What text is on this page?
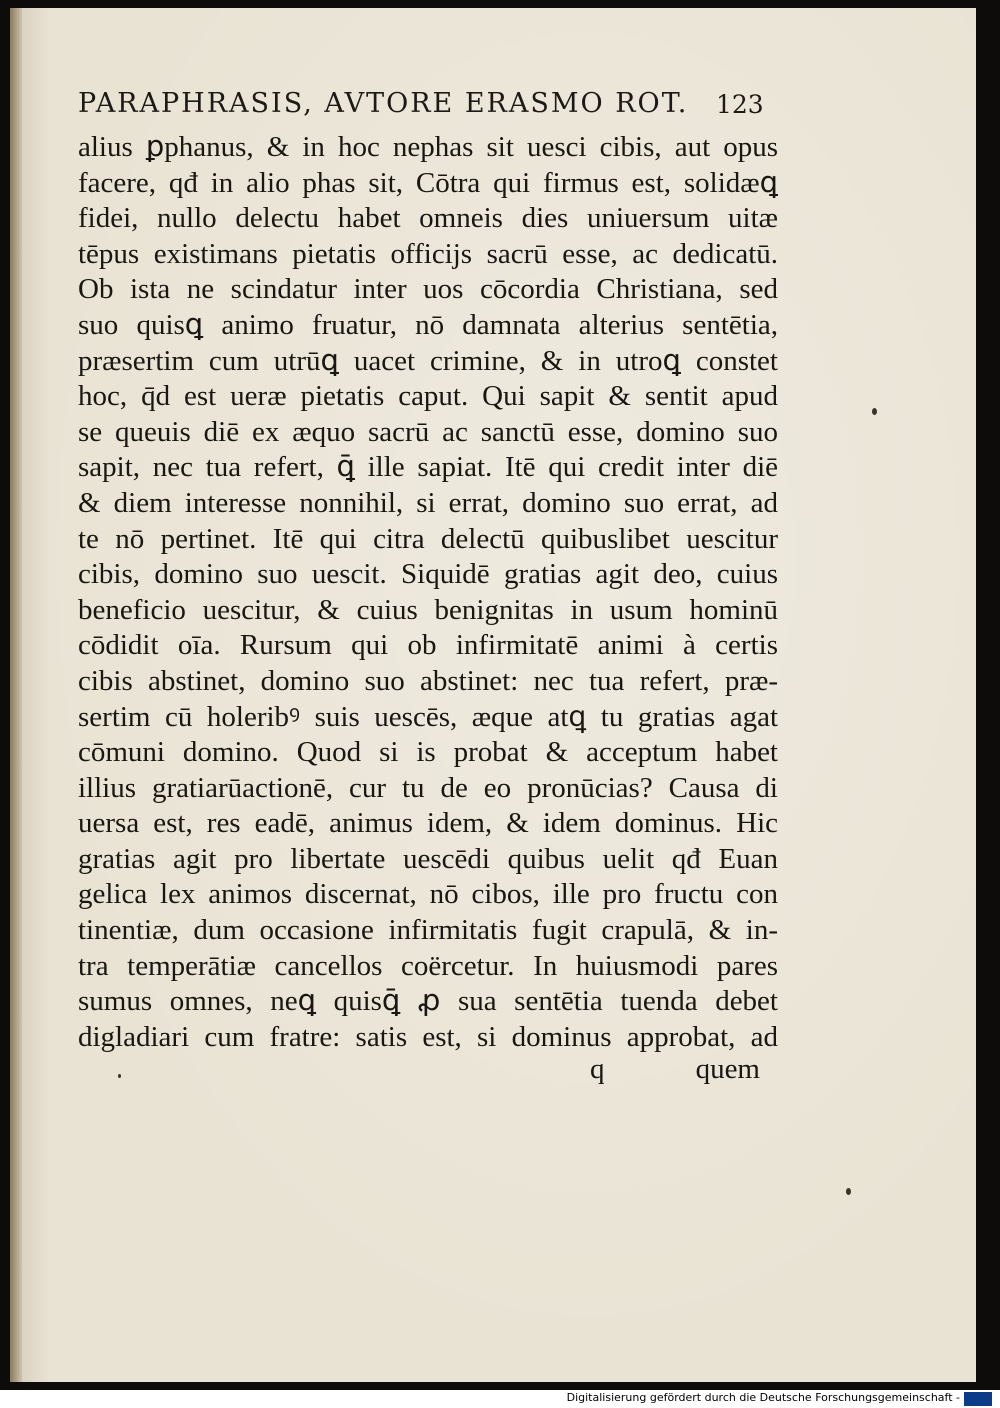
PARAPHRASIS, AVTORE ERASMO ROT.	123
alius ꝑphanus, & in hoc nephas sit uesci cibis, aut opus
facere, qđ in alio phas sit, Cōtra qui firmus est, solidæꝗ
fidei, nullo delectu habet omneis dies uniuersum uitæ
tēpus existimans pietatis officijs sacrū esse, ac dedicatū.
Ob ista ne scindatur inter uos cōcordia Christiana, sed
suo quisꝗ animo fruatur, nō damnata alterius sentētia,
præsertim cum utrūꝗ uacet crimine, & in utroꝗ constet
hoc, q̄d est ueræ pietatis caput. Qui sapit & sentit apud
se queuis diē ex æquo sacrū ac sanctū esse, domino suo
sapit, nec tua refert, ꝗ̄ ille sapiat. Itē qui credit inter diē
& diem interesse nonnihil, si errat, domino suo errat, ad
te nō pertinet. Itē qui citra delectū quibuslibet uescitur
cibis, domino suo uescit. Siquidē gratias agit deo, cuius
beneficio uescitur, & cuius benignitas in usum hominū
cōdidit oīa. Rursum qui ob infirmitatē animi à certis
cibis abstinet, domino suo abstinet: nec tua refert, præ-
sertim cū holeribꝰ suis uescēs, æque atꝗ tu gratias agat
cōmuni domino. Quod si is probat & acceptum habet
illius gratiarūactionē, cur tu de eo pronūcias? Causa di
uersa est, res eadē, animus idem, & idem dominus. Hic
gratias agit pro libertate uescēdi quibus uelit qđ Euan
gelica lex animos discernat, nō cibos, ille pro fructu con
tinentiæ, dum occasione infirmitatis fugit crapulā, & in-
tra temperātiæ cancellos coërcetur. In huiusmodi pares
sumus omnes, neꝗ quisꝗ̄ ꝓ sua sentētia tuenda debet
digladiari cum fratre: satis est, si dominus approbat, ad
q	quem
Digitalisierung gefördert durch die Deutsche Forschungsgemeinschaft -
